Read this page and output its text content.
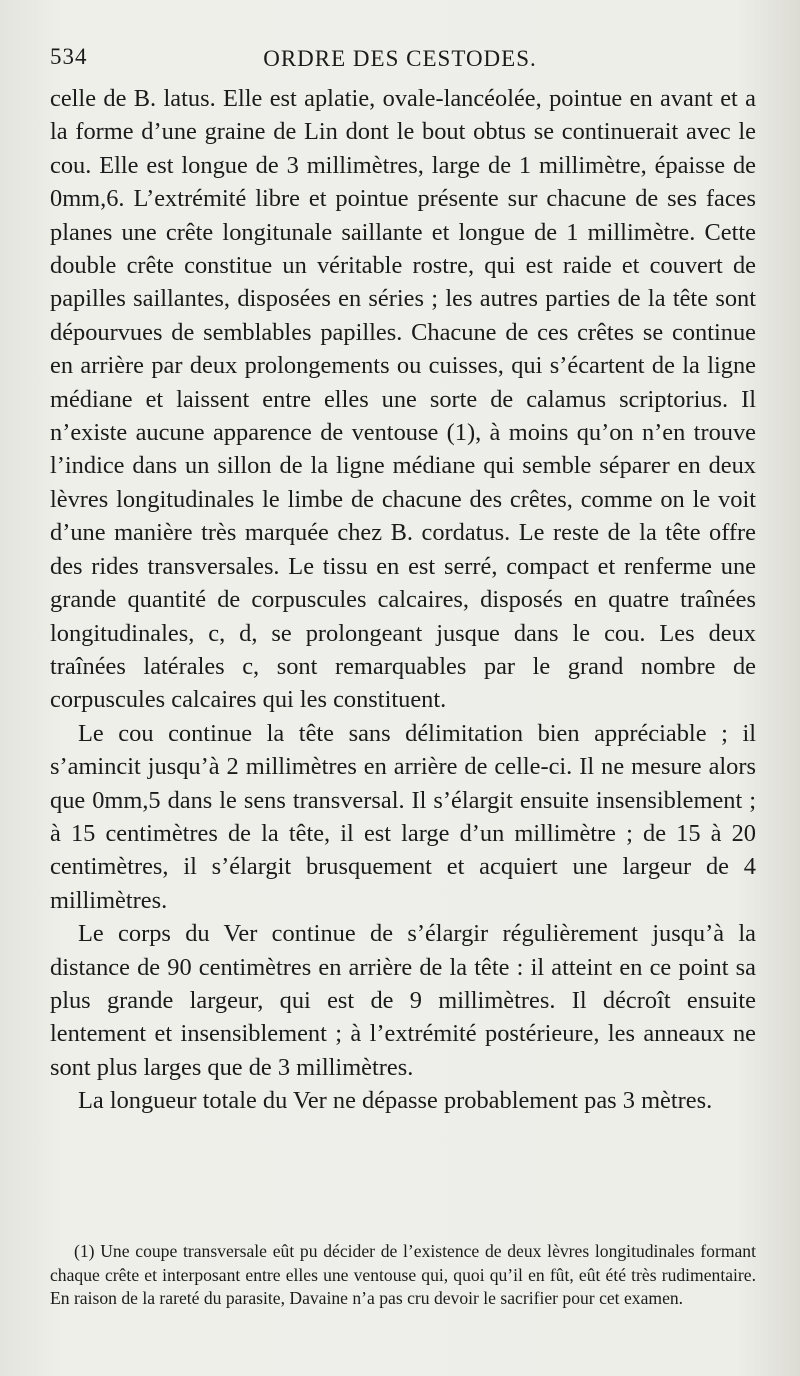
534	ORDRE DES CESTODES.

celle de B. latus. Elle est aplatie, ovale-lancéolée, pointue en avant et a la forme d’une graine de Lin dont le bout obtus se continuerait avec le cou. Elle est longue de 3 millimètres, large de 1 millimètre, épaisse de 0mm,6. L’extrémité libre et pointue présente sur chacune de ses faces planes une crête longitunale saillante et longue de 1 millimètre. Cette double crête constitue un véritable rostre, qui est raide et couvert de papilles saillantes, disposées en séries ; les autres parties de la tête sont dépourvues de semblables papilles. Chacune de ces crêtes se continue en arrière par deux prolongements ou cuisses, qui s’écartent de la ligne médiane et laissent entre elles une sorte de calamus scriptorius. Il n’existe aucune apparence de ventouse (1), à moins qu’on n’en trouve l’indice dans un sillon de la ligne médiane qui semble séparer en deux lèvres longitudinales le limbe de chacune des crêtes, comme on le voit d’une manière très marquée chez B. cordatus. Le reste de la tête offre des rides transversales. Le tissu en est serré, compact et renferme une grande quantité de corpuscules calcaires, disposés en quatre traînées longitudinales, c, d, se prolongeant jusque dans le cou. Les deux traînées latérales c, sont remarquables par le grand nombre de corpuscules calcaires qui les constituent.

Le cou continue la tête sans délimitation bien appréciable ; il s’amincit jusqu’à 2 millimètres en arrière de celle-ci. Il ne mesure alors que 0mm,5 dans le sens transversal. Il s’élargit ensuite insensiblement ; à 15 centimètres de la tête, il est large d’un millimètre ; de 15 à 20 centimètres, il s’élargit brusquement et acquiert une largeur de 4 millimètres.

Le corps du Ver continue de s’élargir régulièrement jusqu’à la distance de 90 centimètres en arrière de la tête : il atteint en ce point sa plus grande largeur, qui est de 9 millimètres. Il décroît ensuite lentement et insensiblement ; à l’extrémité postérieure, les anneaux ne sont plus larges que de 3 millimètres.

La longueur totale du Ver ne dépasse probablement pas 3 mètres.

(1) Une coupe transversale eût pu décider de l’existence de deux lèvres longitudinales formant chaque crête et interposant entre elles une ventouse qui, quoi qu’il en fût, eût été très rudimentaire. En raison de la rareté du parasite, Davaine n’a pas cru devoir le sacrifier pour cet examen.
